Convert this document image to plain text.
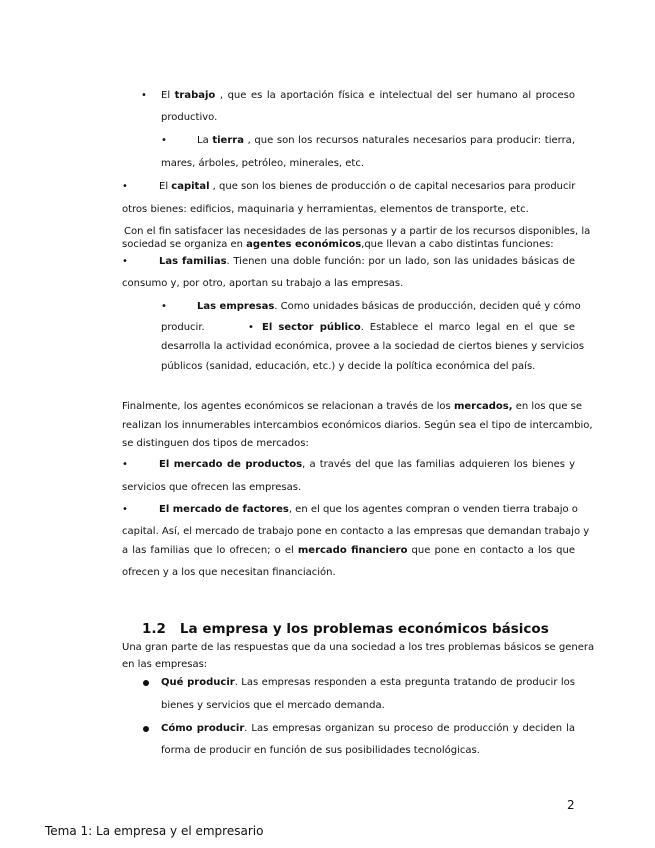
• El trabajo , que es la aportación física e intelectual del ser humano al proceso
productivo.
•	La tierra , que son los recursos naturales necesarios para producir: tierra,
mares, árboles, petróleo, minerales, etc.
•	El capital , que son los bienes de producción o de capital necesarios para producir
otros bienes: edificios, maquinaria y herramientas, elementos de transporte, etc.
Con el fin satisfacer las necesidades de las personas y a partir de los recursos disponibles, la
sociedad se organiza en agentes económicos,que llevan a cabo distintas funciones:
•	Las familias. Tienen una doble función: por un lado, son las unidades básicas de
consumo y, por otro, aportan su trabajo a las empresas.
•	Las empresas. Como unidades básicas de producción, deciden qué y cómo
producir.	• El sector público. Establece el marco legal en el que se
desarrolla la actividad económica, provee a la sociedad de ciertos bienes y servicios
públicos (sanidad, educación, etc.) y decide la política económica del país.
Finalmente, los agentes económicos se relacionan a través de los mercados, en los que se
realizan los innumerables intercambios económicos diarios. Según sea el tipo de intercambio,
se distinguen dos tipos de mercados:
•	El mercado de productos, a través del que las familias adquieren los bienes y
servicios que ofrecen las empresas.
•	El mercado de factores, en el que los agentes compran o venden tierra trabajo o
capital. Así, el mercado de trabajo pone en contacto a las empresas que demandan trabajo y
a las familias que lo ofrecen; o el mercado financiero que pone en contacto a los que
ofrecen y a los que necesitan financiación.
1.2 La empresa y los problemas económicos básicos
Una gran parte de las respuestas que da una sociedad a los tres problemas básicos se genera
en las empresas:
Qué producir. Las empresas responden a esta pregunta tratando de producir los
bienes y servicios que el mercado demanda.
Cómo producir. Las empresas organizan su proceso de producción y deciden la
forma de producir en función de sus posibilidades tecnológicas.
2
Tema 1: La empresa y el empresario
